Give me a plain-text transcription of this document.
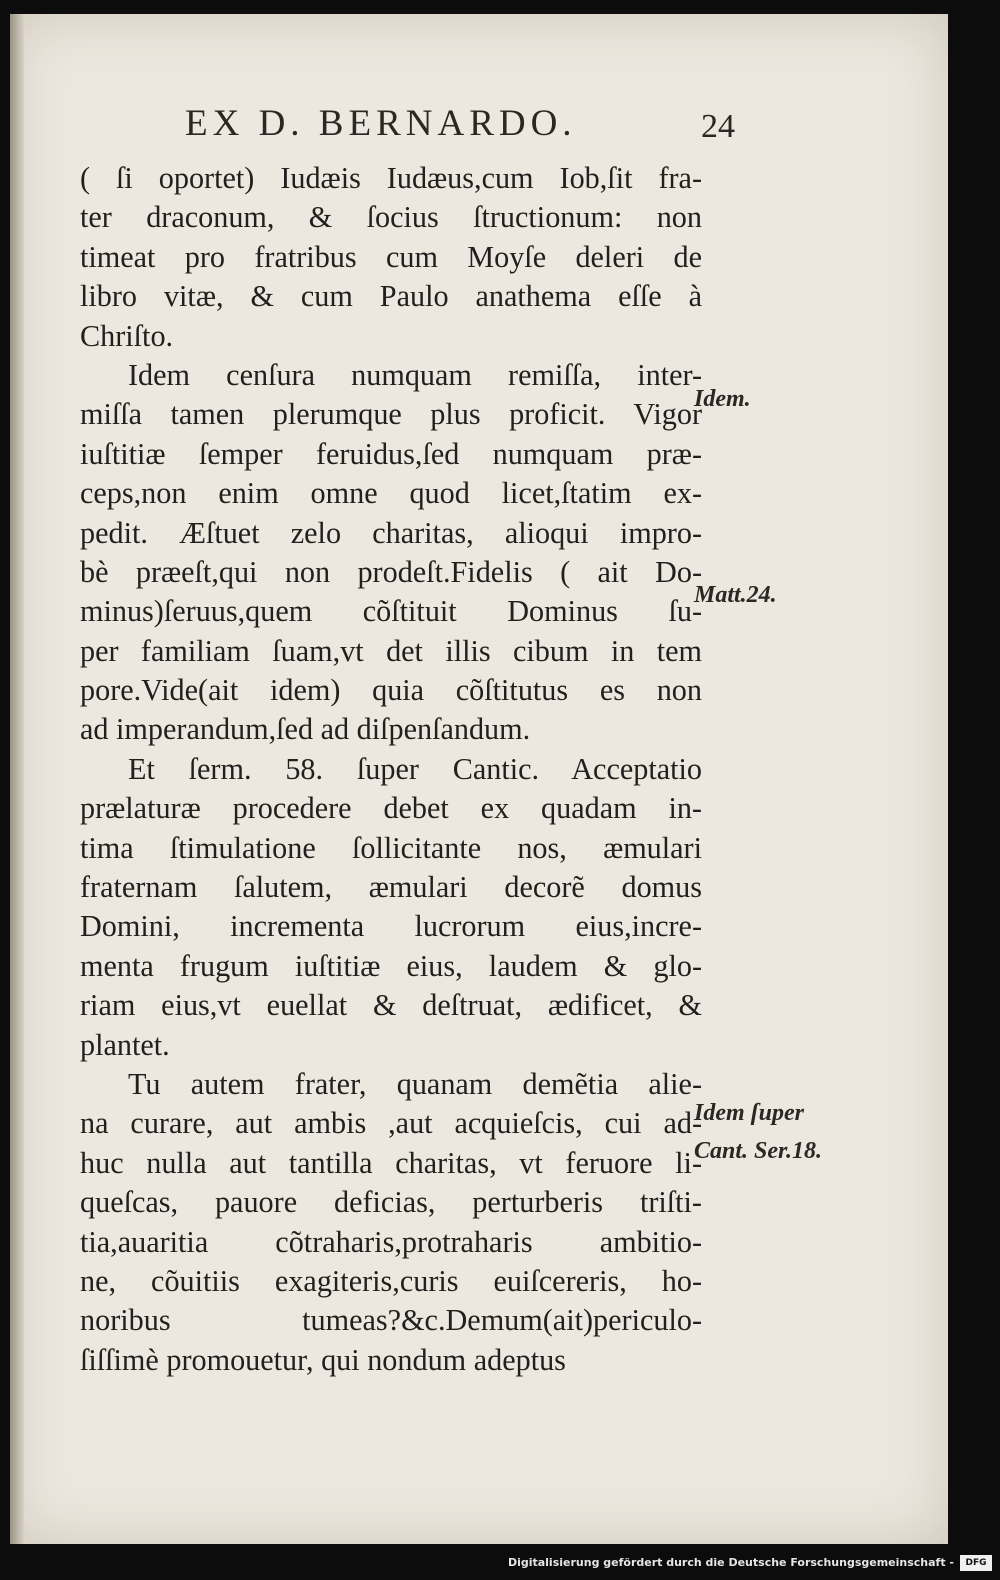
EX D. BERNARDO.	24
( ſi oportet) Iudæis Iudæus,cum Iob,ſit fra-
ter draconum, & ſocius ſtructionum: non
timeat pro fratribus cum Moyſe deleri de
libro vitæ, & cum Paulo anathema eſſe à
Chriſto.
Idem cenſura numquam remiſſa, inter-
miſſa tamen plerumque plus proficit. Vigor
iuſtitiæ ſemper feruidus,ſed numquam præ-
ceps,non enim omne quod licet,ſtatim ex-
pedit. Æſtuet zelo charitas, alioqui impro-
bè præeſt,qui non prodeſt.Fidelis ( ait Do-
minus)ſeruus,quem cõſtituit Dominus ſu-
per familiam ſuam,vt det illis cibum in tem
pore.Vide(ait idem) quia cõſtitutus es non
ad imperandum,ſed ad diſpenſandum.
Et ſerm. 58. ſuper Cantic. Acceptatio
prælaturæ procedere debet ex quadam in-
tima ſtimulatione ſollicitante nos, æmulari
fraternam ſalutem, æmulari decorẽ domus
Domini, incrementa lucrorum eius,incre-
menta frugum iuſtitiæ eius, laudem & glo-
riam eius,vt euellat & deſtruat, ædificet, &
plantet.
Tu autem frater, quanam demẽtia alie-
na curare, aut ambis ,aut acquieſcis, cui ad-
huc nulla aut tantilla charitas, vt feruore li-
queſcas, pauore deficias, perturberis triſti-
tia,auaritia cõtraharis,protraharis ambitio-
ne, cõuitiis exagiteris,curis euiſcereris, ho-
noribus tumeas?&c.Demum(ait)periculo-
ſiſſimè promouetur, qui nondum adeptus
Idem.
Matt.24.
Idem ſuper
Cant. Ser.18.
Digitalisierung gefördert durch die Deutsche Forschungsgemeinschaft -	DFG
